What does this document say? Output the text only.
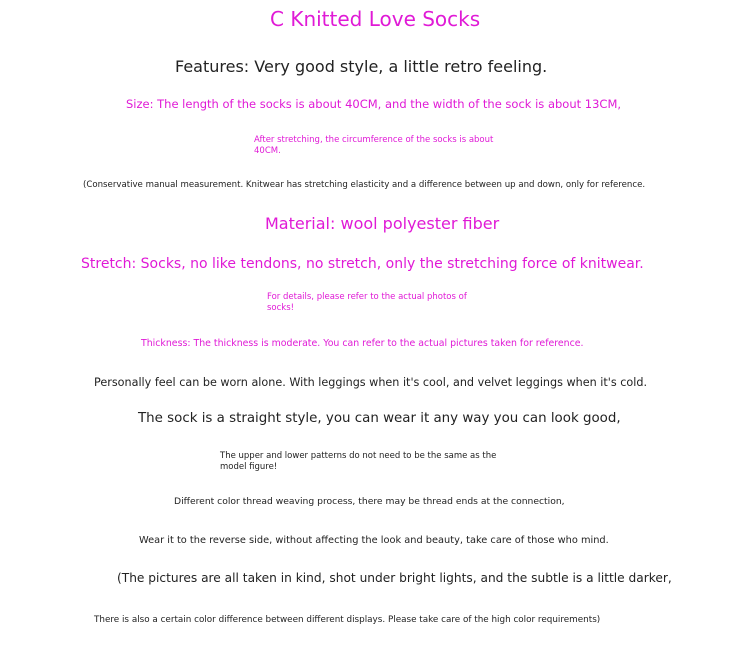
C Knitted Love Socks
Features: Very good style, a little retro feeling.
Size: The length of the socks is about 40CM, and the width of the sock is about 13CM,
After stretching, the circumference of the socks is about
40CM.
(Conservative manual measurement. Knitwear has stretching elasticity and a difference between up and down, only for reference.
Material: wool polyester fiber
Stretch: Socks, no like tendons, no stretch, only the stretching force of knitwear.
For details, please refer to the actual photos of
socks!
Thickness: The thickness is moderate. You can refer to the actual pictures taken for reference.
Personally feel can be worn alone. With leggings when it's cool, and velvet leggings when it's cold.
The sock is a straight style, you can wear it any way you can look good,
The upper and lower patterns do not need to be the same as the
model figure!
Different color thread weaving process, there may be thread ends at the connection,
Wear it to the reverse side, without affecting the look and beauty, take care of those who mind.
(The pictures are all taken in kind, shot under bright lights, and the subtle is a little darker,
There is also a certain color difference between different displays. Please take care of the high color requirements)
